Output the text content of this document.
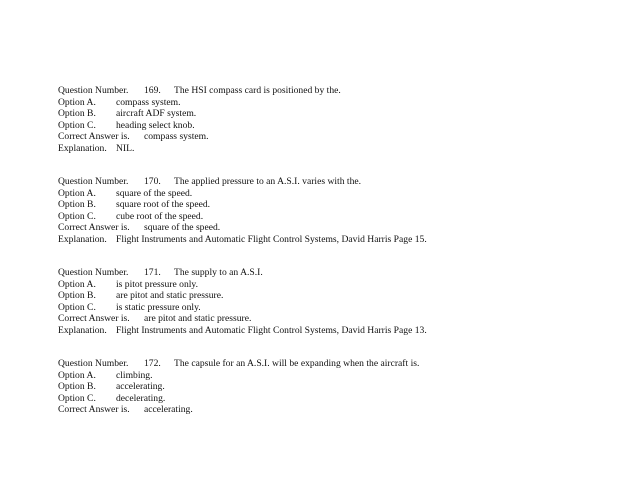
Question Number. 169. The HSI compass card is positioned by the.
Option A. compass system.
Option B. aircraft ADF system.
Option C. heading select knob.
Correct Answer is. compass system.
Explanation. NIL.
Question Number. 170. The applied pressure to an A.S.I. varies with the.
Option A. square of the speed.
Option B. square root of the speed.
Option C. cube root of the speed.
Correct Answer is. square of the speed.
Explanation. Flight Instruments and Automatic Flight Control Systems, David Harris Page 15.
Question Number. 171. The supply to an A.S.I.
Option A. is pitot pressure only.
Option B. are pitot and static pressure.
Option C. is static pressure only.
Correct Answer is. are pitot and static pressure.
Explanation. Flight Instruments and Automatic Flight Control Systems, David Harris Page 13.
Question Number. 172. The capsule for an A.S.I. will be expanding when the aircraft is.
Option A. climbing.
Option B. accelerating.
Option C. decelerating.
Correct Answer is. accelerating.
